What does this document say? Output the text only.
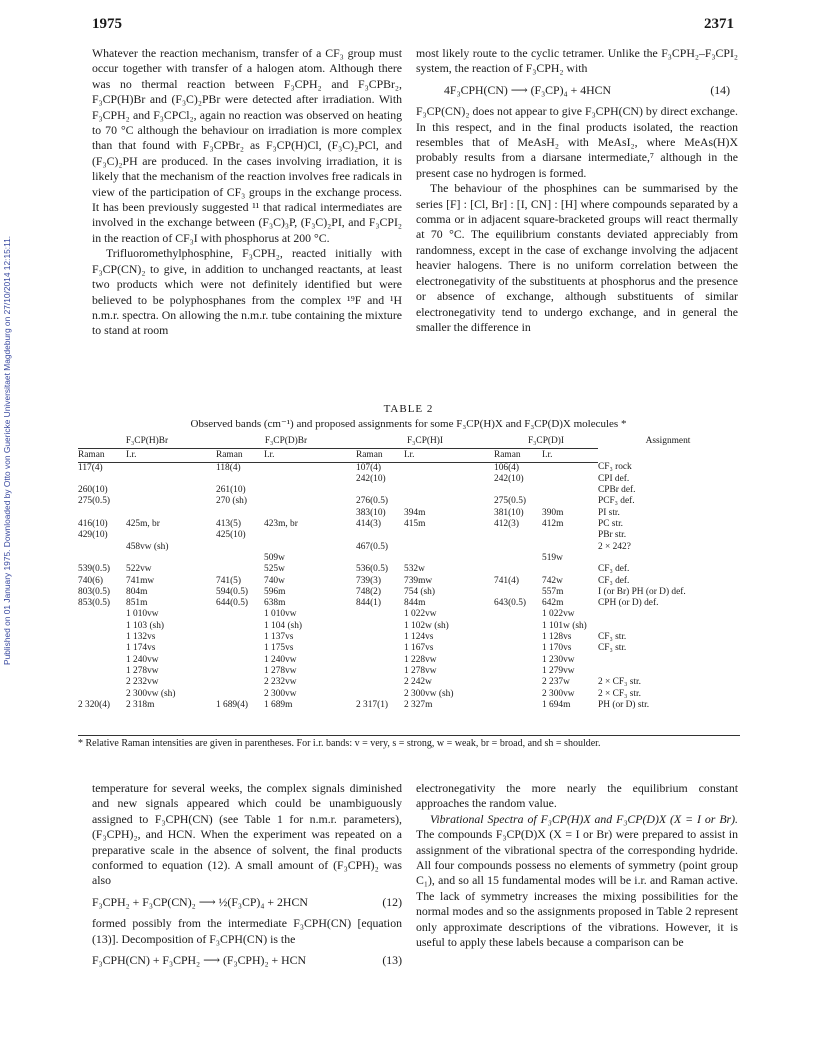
1975	2371
Published on 01 January 1975. Downloaded by Otto von Guericke Universitaet Magdeburg on 27/10/2014 12:15:11.

Whatever the reaction mechanism, transfer of a CF₃ group must occur together with transfer of a halogen atom. Although there was no thermal reaction between F₃CPH₂ and F₃CPBr₂, F₃CP(H)Br and (F₃C)₂PBr were detected after irradiation. With F₃CPH₂ and F₃CPCl₂, again no reaction was observed on heating to 70 °C although the behaviour on irradiation is more complex than that found with F₃CPBr₂ as F₃CP(H)Cl, (F₃C)₂PCl, and (F₃C)₂PH are produced. In the cases involving irradiation, it is likely that the mechanism of the reaction involves free radicals in view of the participation of CF₃ groups in the exchange process. It has been previously suggested ¹¹ that radical intermediates are involved in the exchange between (F₃C)₃P, (F₃C)₂PI, and F₃CPI₂ in the reaction of CF₃I with phosphorus at 200 °C.

Trifluoromethylphosphine, F₃CPH₂, reacted initially with F₃CP(CN)₂ to give, in addition to unchanged reactants, at least two products which were not definitely identified but were believed to be polyphosphanes from the complex ¹⁹F and ¹H n.m.r. spectra. On allowing the n.m.r. tube containing the mixture to stand at room

most likely route to the cyclic tetramer. Unlike the F₃CPH₂–F₃CPI₂ system, the reaction of F₃CPH₂ with

4F₃CPH(CN) ⟶ (F₃CP)₄ + 4HCN	(14)

F₃CP(CN)₂ does not appear to give F₃CPH(CN) by direct exchange. In this respect, and in the final products isolated, the reaction resembles that of MeAsH₂ with MeAsI₂, where MeAs(H)X probably results from a diarsane intermediate,⁷ although in the present case no hydrogen is formed.

The behaviour of the phosphines can be summarised by the series [F] : [Cl, Br] : [I, CN] : [H] where compounds separated by a comma or in adjacent square-bracketed groups will react thermally at 70 °C. The equilibrium constants deviated appreciably from randomness, except in the case of exchange involving the adjacent heavier halogens. There is no uniform correlation between the electronegativity of the substituents at phosphorus and the presence or absence of exchange, although substituents of similar electronegativity tend to undergo exchange, and in general the smaller the difference in

TABLE 2
Observed bands (cm⁻¹) and proposed assignments for some F₃CP(H)X and F₃CP(D)X molecules *
F₃CP(H)Br		F₃CP(D)Br		F₃CP(H)I		F₃CP(D)I		Assignment
Raman	I.r.	Raman	I.r.	Raman	I.r.	Raman	I.r.	
117(4)		118(4)		107(4)		106(4)		CF₃ rock
				242(10)		242(10)		CPI def.
260(10)		261(10)						CPBr def.
275(0.5)		270 (sh)		276(0.5)		275(0.5)		PCF₃ def.
				383(10)	394m	381(10)	390m	PI str.
416(10)	425m, br	413(5)	423m, br	414(3)	415m	412(3)	412m	PC str.
429(10)		425(10)						PBr str.
	458vw (sh)			467(0.5)				2 × 242?
			509w				519w	
539(0.5)	522vw		525w	536(0.5)	532w			CF₃ def.
740(6)	741mw	741(5)	740w	739(3)	739mw	741(4)	742w	CF₃ def.
803(0.5)	804m	594(0.5)	596m	748(2)	754 (sh)		557m	I (or Br) PH (or D) def.
853(0.5)	851m	644(0.5)	638m	844(1)	844m	643(0.5)	642m	CPH (or D) def.
	1 010vw		1 010vw		1 022vw		1 022vw	
	1 103 (sh)		1 104 (sh)		1 102w (sh)		1 101w (sh)	
	1 132vs		1 137vs		1 124vs		1 128vs	CF₃ str.
	1 174vs		1 175vs		1 167vs		1 170vs	CF₃ str.
	1 240vw		1 240vw		1 228vw		1 230vw	
	1 278vw		1 278vw		1 278vw		1 279vw	
	2 232vw		2 232vw		2 242w		2 237w	2 × CF₃ str.
	2 300vw (sh)		2 300vw		2 300vw (sh)		2 300vw	2 × CF₃ str.
2 320(4)	2 318m	1 689(4)	1 689m	2 317(1)	2 327m		1 694m	PH (or D) str.
* Relative Raman intensities are given in parentheses. For i.r. bands: v = very, s = strong, w = weak, br = broad, and sh = shoulder.

temperature for several weeks, the complex signals diminished and new signals appeared which could be unambiguously assigned to F₃CPH(CN) (see Table 1 for n.m.r. parameters), (F₃CPH)₂, and HCN. When the experiment was repeated on a preparative scale in the absence of solvent, the final products conformed to equation (12). A small amount of (F₃CPH)₂ was also

F₃CPH₂ + F₃CP(CN)₂ ⟶ ½(F₃CP)₄ + 2HCN	(12)

formed possibly from the intermediate F₃CPH(CN) [equation (13)]. Decomposition of F₃CPH(CN) is the

F₃CPH(CN) + F₃CPH₂ ⟶ (F₃CPH)₂ + HCN	(13)

electronegativity the more nearly the equilibrium constant approaches the random value.

Vibrational Spectra of F₃CP(H)X and F₃CP(D)X (X = I or Br). The compounds F₃CP(D)X (X = I or Br) were prepared to assist in assignment of the vibrational spectra of the corresponding hydride. All four compounds possess no elements of symmetry (point group C₁), and so all 15 fundamental modes will be i.r. and Raman active. The lack of symmetry increases the mixing possibilities for the normal modes and so the assignments proposed in Table 2 represent only approximate descriptions of the vibrations. However, it is useful to apply these labels because a comparison can be
